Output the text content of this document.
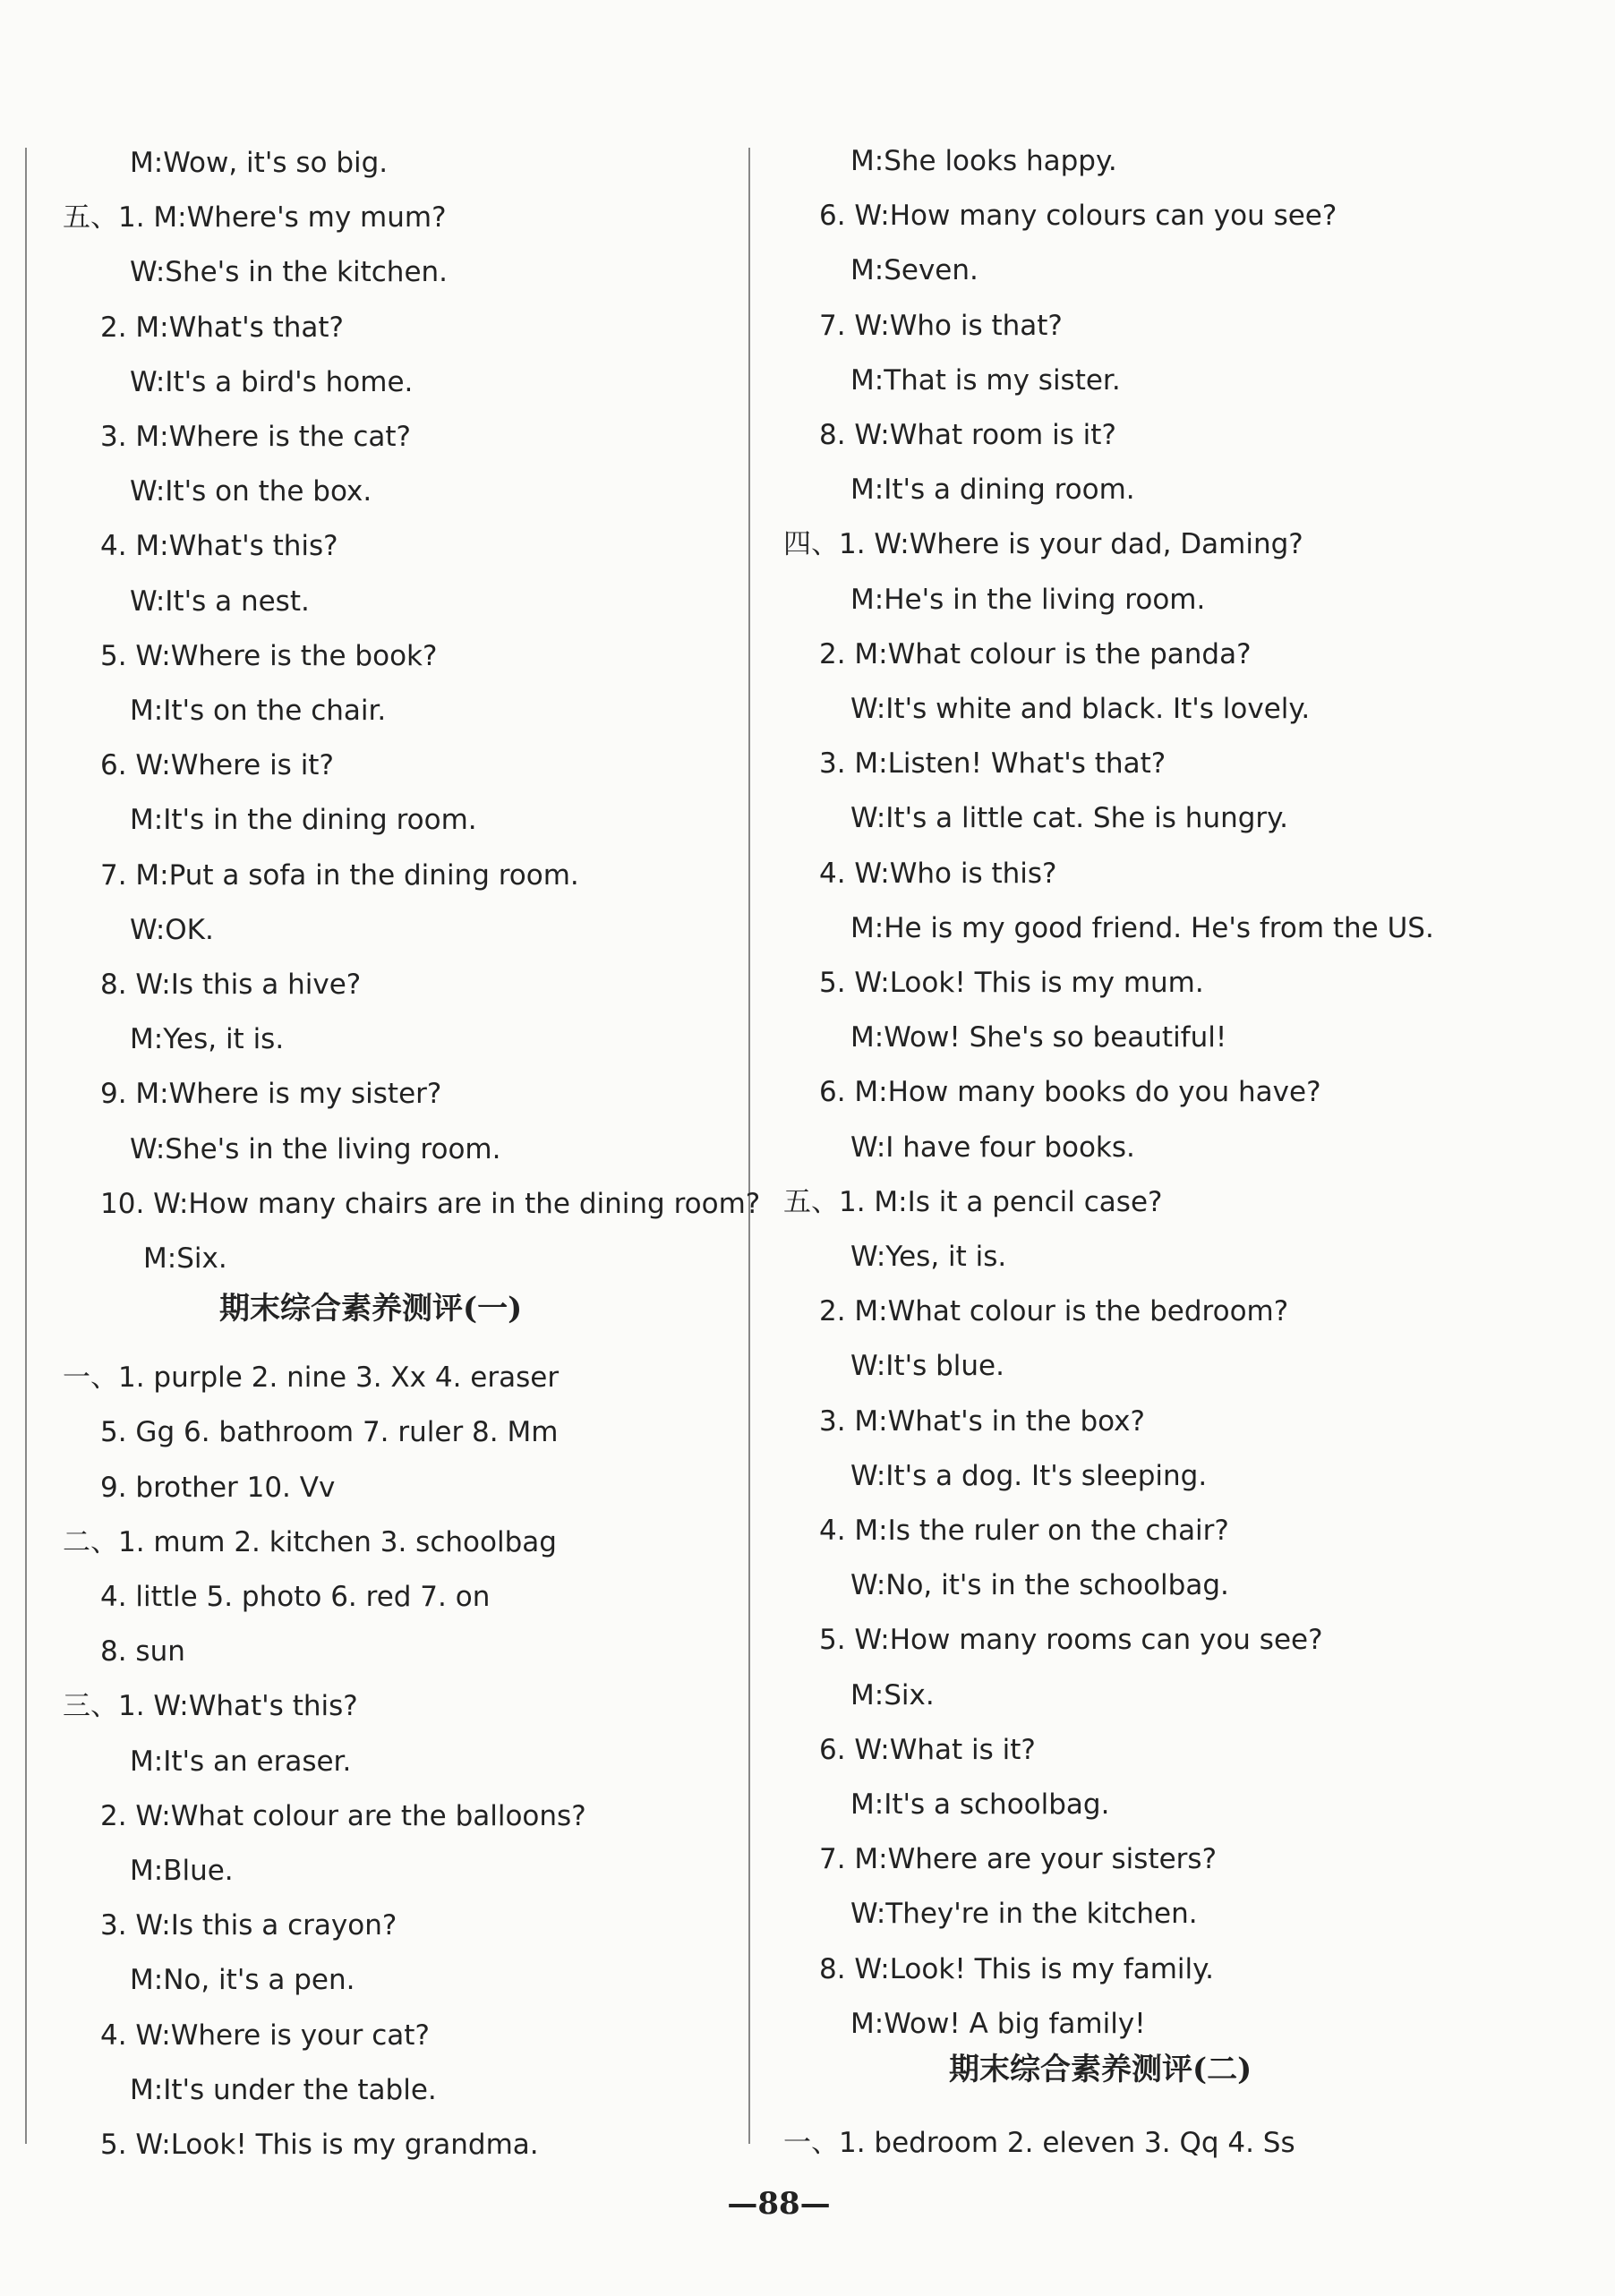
期末综合素养测评(一)
M:Wow, it's so big.
五、1. M:Where's my mum?
W:She's in the kitchen.
2. M:What's that?
W:It's a bird's home.
3. M:Where is the cat?
W:It's on the box.
4. M:What's this?
W:It's a nest.
5. W:Where is the book?
M:It's on the chair.
6. W:Where is it?
M:It's in the dining room.
7. M:Put a sofa in the dining room.
W:OK.
8. W:Is this a hive?
M:Yes, it is.
9. M:Where is my sister?
W:She's in the living room.
10. W:How many chairs are in the dining room?
M:Six.
一、1. purple 2. nine 3. Xx 4. eraser
5. Gg 6. bathroom 7. ruler 8. Mm
9. brother 10. Vv
二、1. mum 2. kitchen 3. schoolbag
4. little 5. photo 6. red 7. on
8. sun
三、1. W:What's this?
M:It's an eraser.
2. W:What colour are the balloons?
M:Blue.
3. W:Is this a crayon?
M:No, it's a pen.
4. W:Where is your cat?
M:It's under the table.
5. W:Look! This is my grandma.
期末综合素养测评(二)
M:She looks happy.
6. W:How many colours can you see?
M:Seven.
7. W:Who is that?
M:That is my sister.
8. W:What room is it?
M:It's a dining room.
四、1. W:Where is your dad, Daming?
M:He's in the living room.
2. M:What colour is the panda?
W:It's white and black. It's lovely.
3. M:Listen! What's that?
W:It's a little cat. She is hungry.
4. W:Who is this?
M:He is my good friend. He's from the US.
5. W:Look! This is my mum.
M:Wow! She's so beautiful!
6. M:How many books do you have?
W:I have four books.
五、1. M:Is it a pencil case?
W:Yes, it is.
2. M:What colour is the bedroom?
W:It's blue.
3. M:What's in the box?
W:It's a dog. It's sleeping.
4. M:Is the ruler on the chair?
W:No, it's in the schoolbag.
5. W:How many rooms can you see?
M:Six.
6. W:What is it?
M:It's a schoolbag.
7. M:Where are your sisters?
W:They're in the kitchen.
8. W:Look! This is my family.
M:Wow! A big family!
一、1. bedroom 2. eleven 3. Qq 4. Ss
—88—
